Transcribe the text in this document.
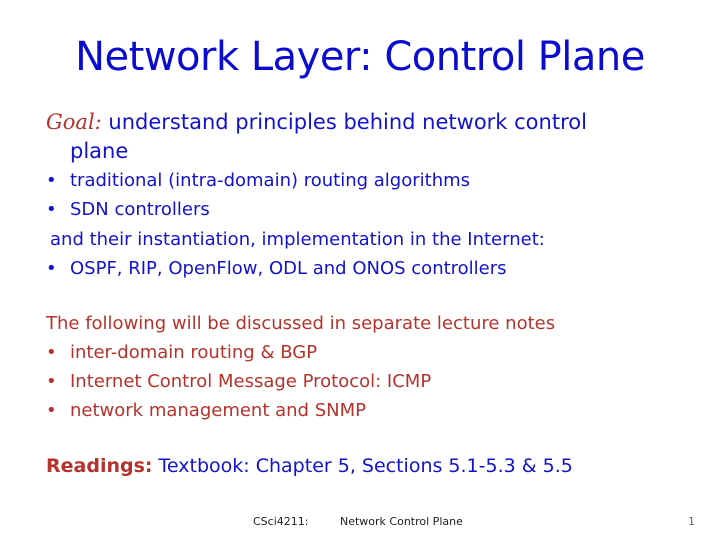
Network Layer: Control Plane
Goal: understand principles behind network control
plane
• traditional (intra-domain) routing algorithms
• SDN controllers
and their instantiation, implementation in the Internet:
• OSPF, RIP, OpenFlow, ODL and ONOS controllers
The following will be discussed in separate lecture notes
• inter-domain routing & BGP
• Internet Control Message Protocol: ICMP
• network management and SNMP
Readings: Textbook: Chapter 5, Sections 5.1-5.3 & 5.5
CSci4211:	Network Control Plane	1
